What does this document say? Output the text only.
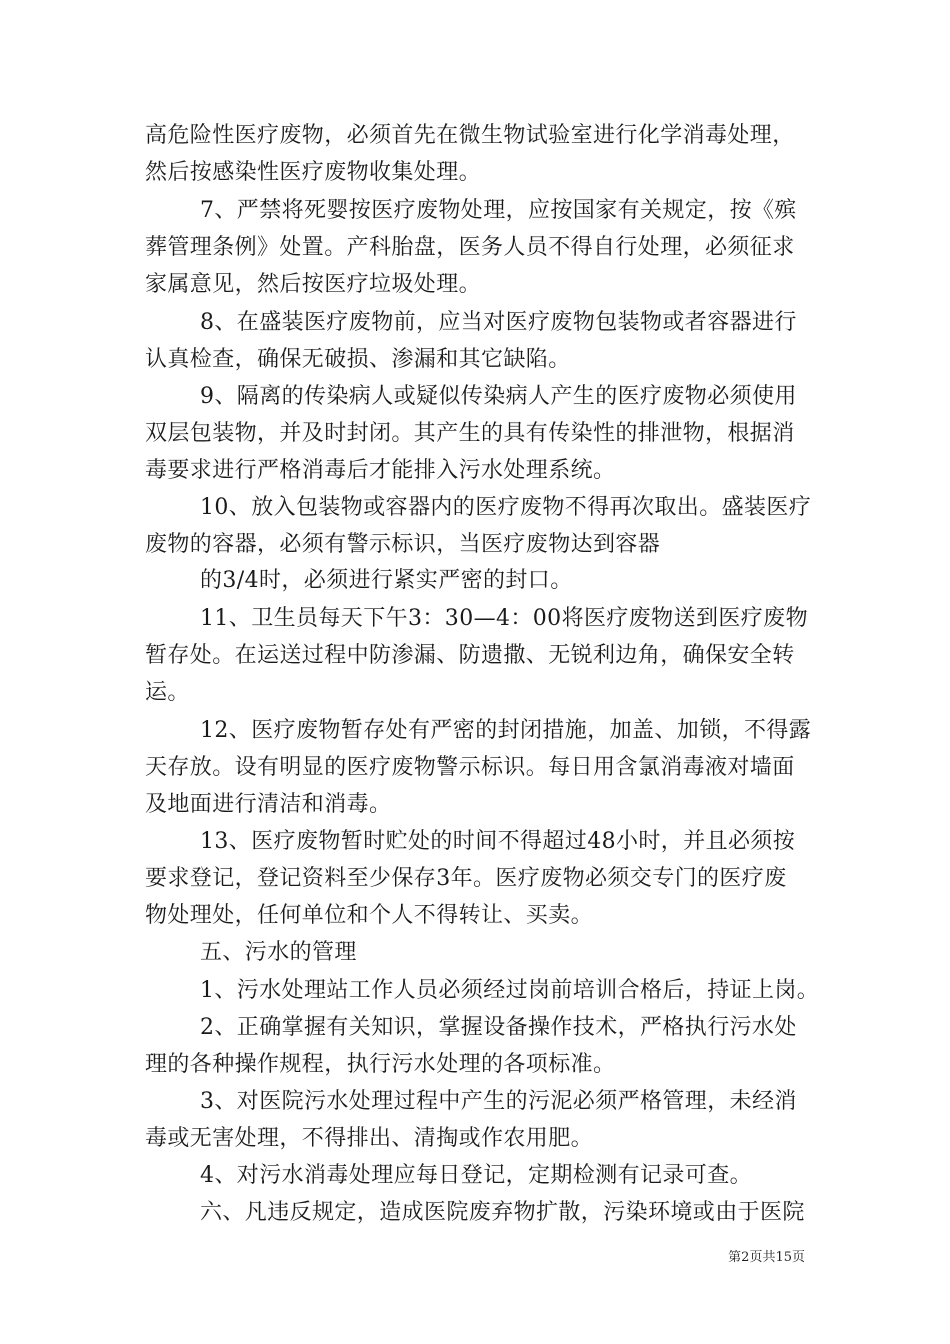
高危险性医疗废物，必须首先在微生物试验室进行化学消毒处理，
然后按感染性医疗废物收集处理。
7、严禁将死婴按医疗废物处理，应按国家有关规定，按《殡
葬管理条例》处置。产科胎盘，医务人员不得自行处理，必须征求
家属意见，然后按医疗垃圾处理。
8、在盛装医疗废物前，应当对医疗废物包装物或者容器进行
认真检查，确保无破损、渗漏和其它缺陷。
9、隔离的传染病人或疑似传染病人产生的医疗废物必须使用
双层包装物，并及时封闭。其产生的具有传染性的排泄物，根据消
毒要求进行严格消毒后才能排入污水处理系统。
10、放入包装物或容器内的医疗废物不得再次取出。盛装医疗
废物的容器，必须有警示标识，当医疗废物达到容器
的3/4时，必须进行紧实严密的封口。
11、卫生员每天下午3：30—4：00将医疗废物送到医疗废物
暂存处。在运送过程中防渗漏、防遗撒、无锐利边角，确保安全转
运。
12、医疗废物暂存处有严密的封闭措施，加盖、加锁，不得露
天存放。设有明显的医疗废物警示标识。每日用含氯消毒液对墙面
及地面进行清洁和消毒。
13、医疗废物暂时贮处的时间不得超过48小时，并且必须按
要求登记，登记资料至少保存3年。医疗废物必须交专门的医疗废
物处理处，任何单位和个人不得转让、买卖。
五、污水的管理
1、污水处理站工作人员必须经过岗前培训合格后，持证上岗。
2、正确掌握有关知识，掌握设备操作技术，严格执行污水处
理的各种操作规程，执行污水处理的各项标准。
3、对医院污水处理过程中产生的污泥必须严格管理，未经消
毒或无害处理，不得排出、清掏或作农用肥。
4、对污水消毒处理应每日登记，定期检测有记录可查。
六、凡违反规定，造成医院废弃物扩散，污染环境或由于医院
第2页共15页
